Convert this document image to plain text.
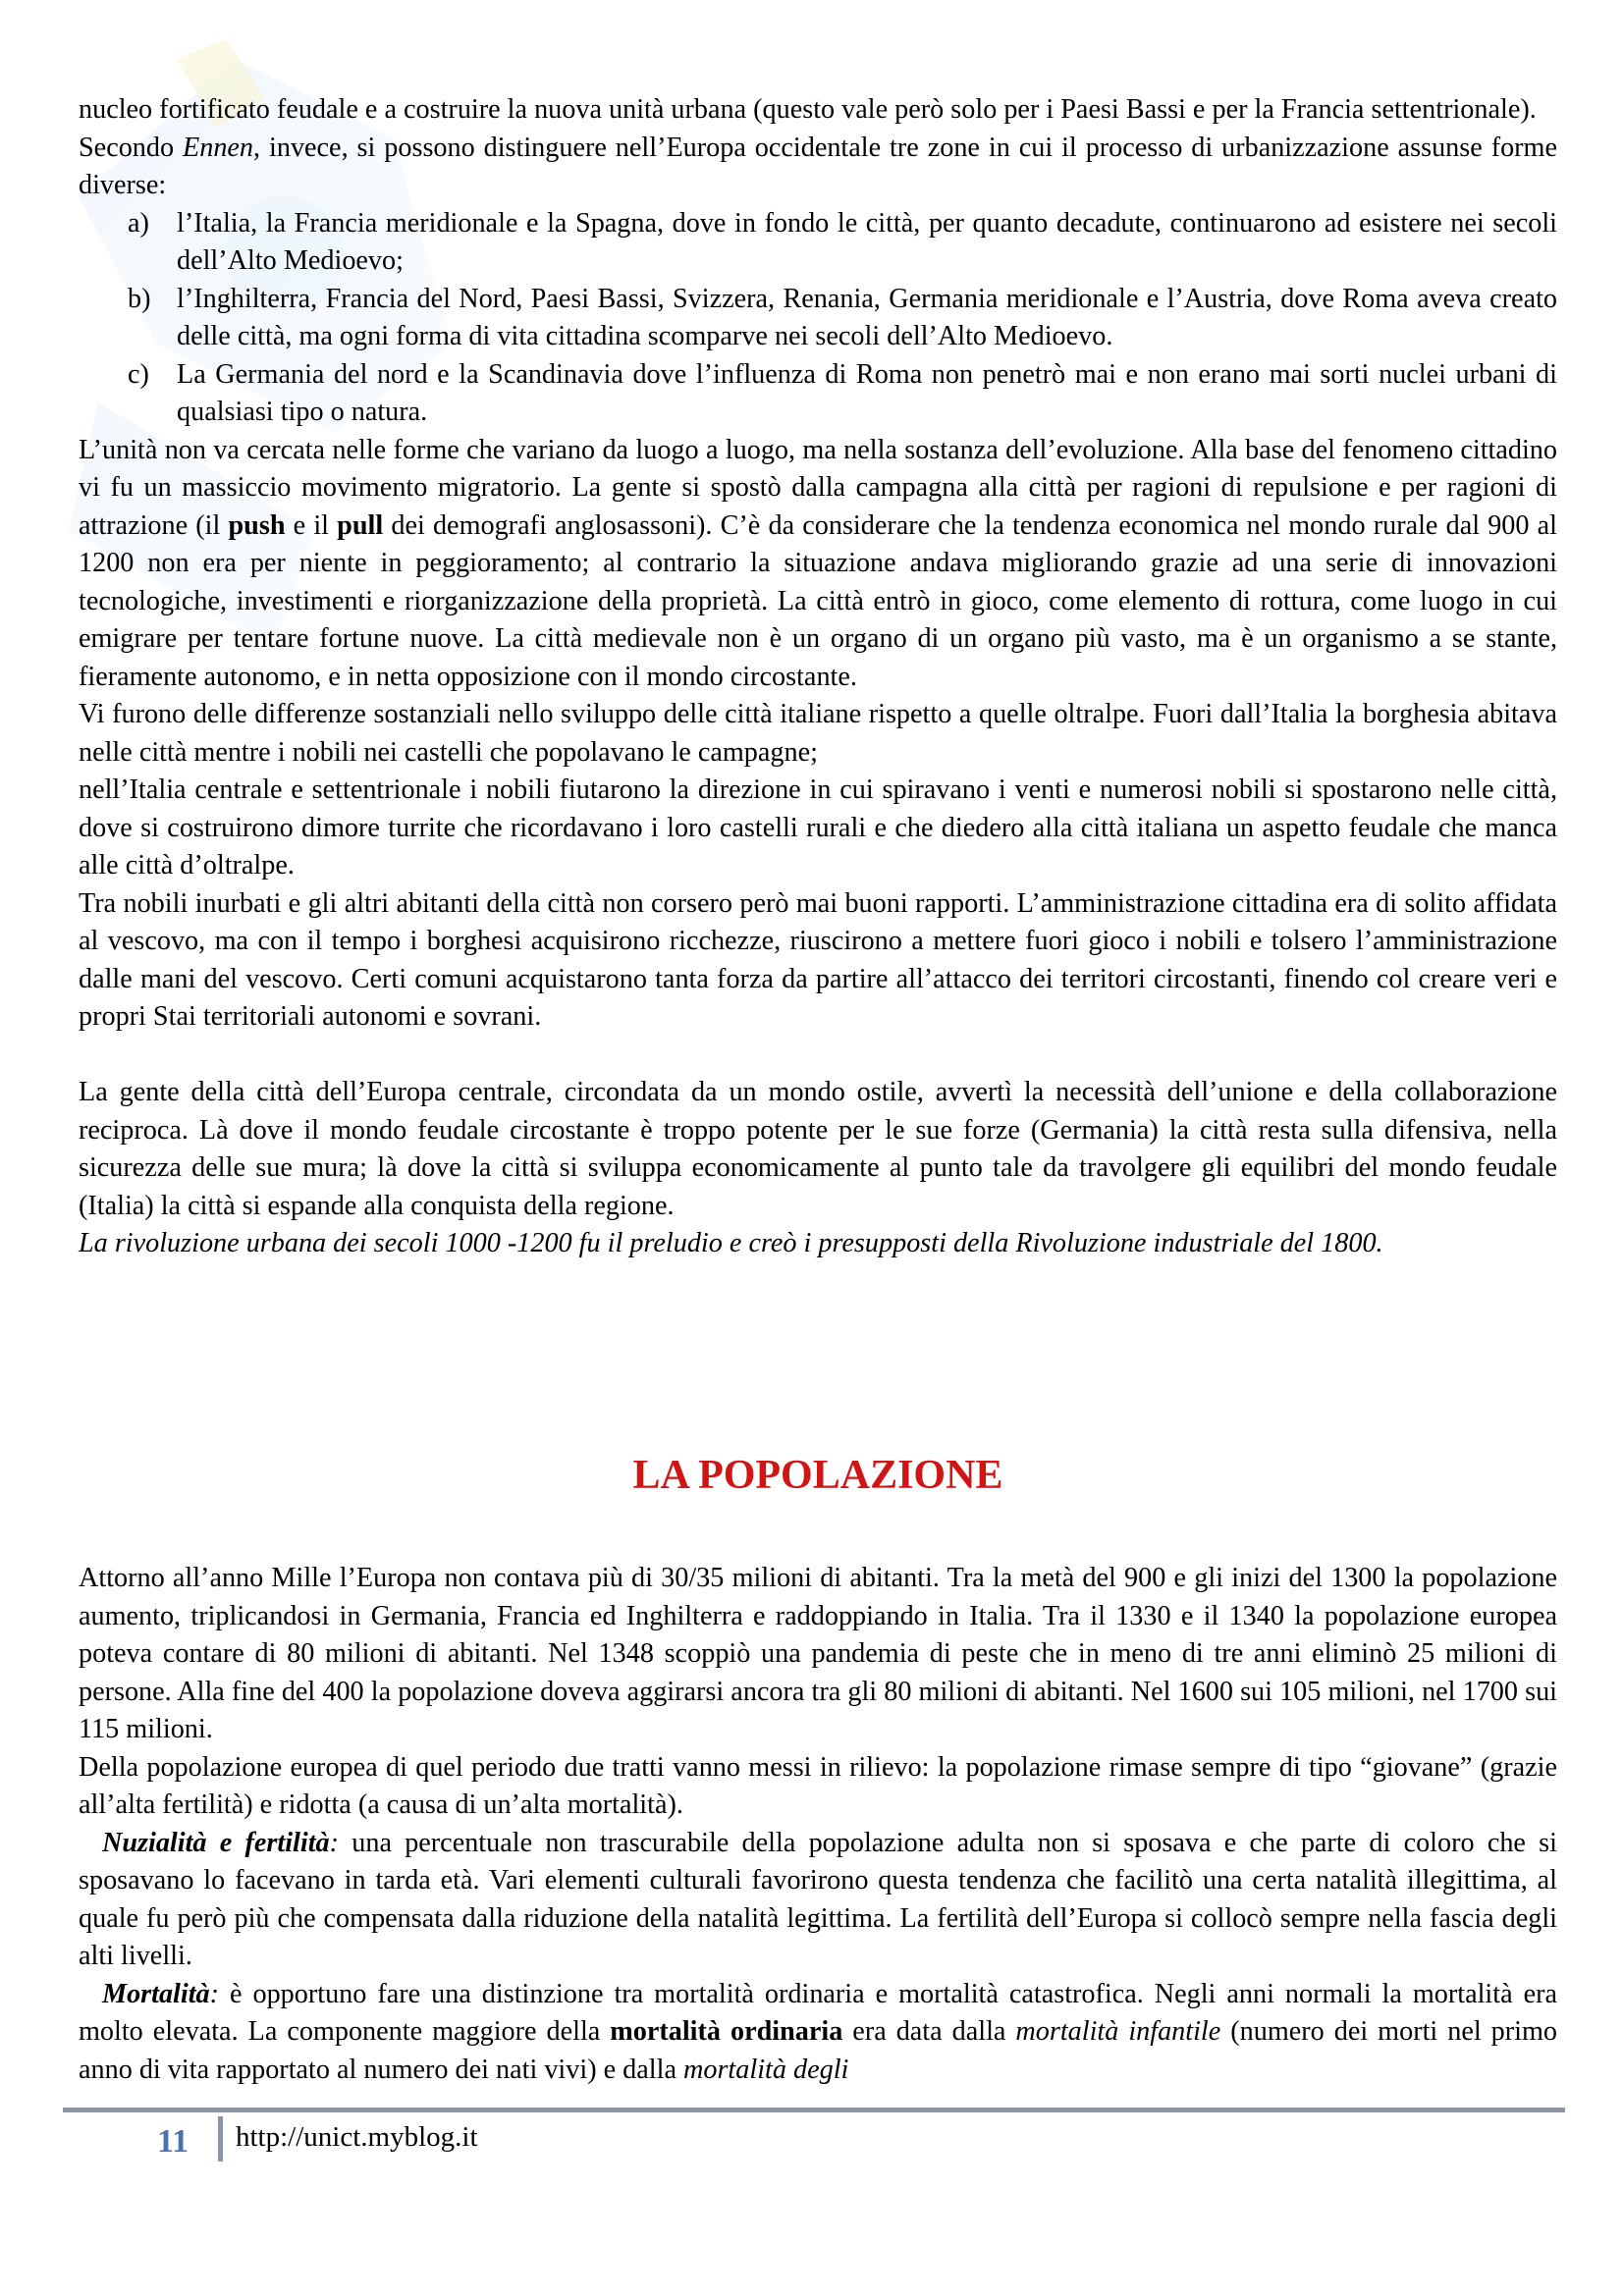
nucleo fortificato feudale e a costruire la nuova unità urbana (questo vale però solo per i Paesi Bassi e per la Francia settentrionale).

Secondo Ennen, invece, si possono distinguere nell’Europa occidentale tre zone in cui il processo di urbanizzazione assunse forme diverse:

a) l’Italia, la Francia meridionale e la Spagna, dove in fondo le città, per quanto decadute, continuarono ad esistere nei secoli dell’Alto Medioevo;
b) l’Inghilterra, Francia del Nord, Paesi Bassi, Svizzera, Renania, Germania meridionale e l’Austria, dove Roma aveva creato delle città, ma ogni forma di vita cittadina scomparve nei secoli dell’Alto Medioevo.
c) La Germania del nord e la Scandinavia dove l’influenza di Roma non penetrò mai e non erano mai sorti nuclei urbani di qualsiasi tipo o natura.

L’unità non va cercata nelle forme che variano da luogo a luogo, ma nella sostanza dell’evoluzione. Alla base del fenomeno cittadino vi fu un massiccio movimento migratorio. La gente si spostò dalla campagna alla città per ragioni di repulsione e per ragioni di attrazione (il push e il pull dei demografi anglosassoni). C’è da considerare che la tendenza economica nel mondo rurale dal 900 al 1200 non era per niente in peggioramento; al contrario la situazione andava migliorando grazie ad una serie di innovazioni tecnologiche, investimenti e riorganizzazione della proprietà. La città entrò in gioco, come elemento di rottura, come luogo in cui emigrare per tentare fortune nuove. La città medievale non è un organo di un organo più vasto, ma è un organismo a se stante, fieramente autonomo, e in netta opposizione con il mondo circostante.

Vi furono delle differenze sostanziali nello sviluppo delle città italiane rispetto a quelle oltralpe. Fuori dall’Italia la borghesia abitava nelle città mentre i nobili nei castelli che popolavano le campagne;

nell’Italia centrale e settentrionale i nobili fiutarono la direzione in cui spiravano i venti e numerosi nobili si spostarono nelle città, dove si costruirono dimore turrite che ricordavano i loro castelli rurali e che diedero alla città italiana un aspetto feudale che manca alle città d’oltralpe.

Tra nobili inurbati e gli altri abitanti della città non corsero però mai buoni rapporti. L’amministrazione cittadina era di solito affidata al vescovo, ma con il tempo i borghesi acquisirono ricchezze, riuscirono a mettere fuori gioco i nobili e tolsero l’amministrazione dalle mani del vescovo. Certi comuni acquistarono tanta forza da partire all’attacco dei territori circostanti, finendo col creare veri e propri Stai territoriali autonomi e sovrani.

La gente della città dell’Europa centrale, circondata da un mondo ostile, avvertì la necessità dell’unione e della collaborazione reciproca. Là dove il mondo feudale circostante è troppo potente per le sue forze (Germania) la città resta sulla difensiva, nella sicurezza delle sue mura; là dove la città si sviluppa economicamente al punto tale da travolgere gli equilibri del mondo feudale (Italia) la città si espande alla conquista della regione.

La rivoluzione urbana dei secoli 1000 -1200 fu il preludio e creò i presupposti della Rivoluzione industriale del 1800.

LA POPOLAZIONE

Attorno all’anno Mille l’Europa non contava più di 30/35 milioni di abitanti. Tra la metà del 900 e gli inizi del 1300 la popolazione aumento, triplicandosi in Germania, Francia ed Inghilterra e raddoppiando in Italia. Tra il 1330 e il 1340 la popolazione europea poteva contare di 80 milioni di abitanti. Nel 1348 scoppiò una pandemia di peste che in meno di tre anni eliminò 25 milioni di persone. Alla fine del 400 la popolazione doveva aggirarsi ancora tra gli 80 milioni di abitanti. Nel 1600 sui 105 milioni, nel 1700 sui 115 milioni.

Della popolazione europea di quel periodo due tratti vanno messi in rilievo: la popolazione rimase sempre di tipo “giovane” (grazie all’alta fertilità) e ridotta (a causa di un’alta mortalità).

Nuzialità e fertilità: una percentuale non trascurabile della popolazione adulta non si sposava e che parte di coloro che si sposavano lo facevano in tarda età. Vari elementi culturali favorirono questa tendenza che facilitò una certa natalità illegittima, al quale fu però più che compensata dalla riduzione della natalità legittima. La fertilità dell’Europa si collocò sempre nella fascia degli alti livelli.

Mortalità: è opportuno fare una distinzione tra mortalità ordinaria e mortalità catastrofica. Negli anni normali la mortalità era molto elevata. La componente maggiore della mortalità ordinaria era data dalla mortalità infantile (numero dei morti nel primo anno di vita rapportato al numero dei nati vivi) e dalla mortalità degli

11 http://unict.myblog.it
